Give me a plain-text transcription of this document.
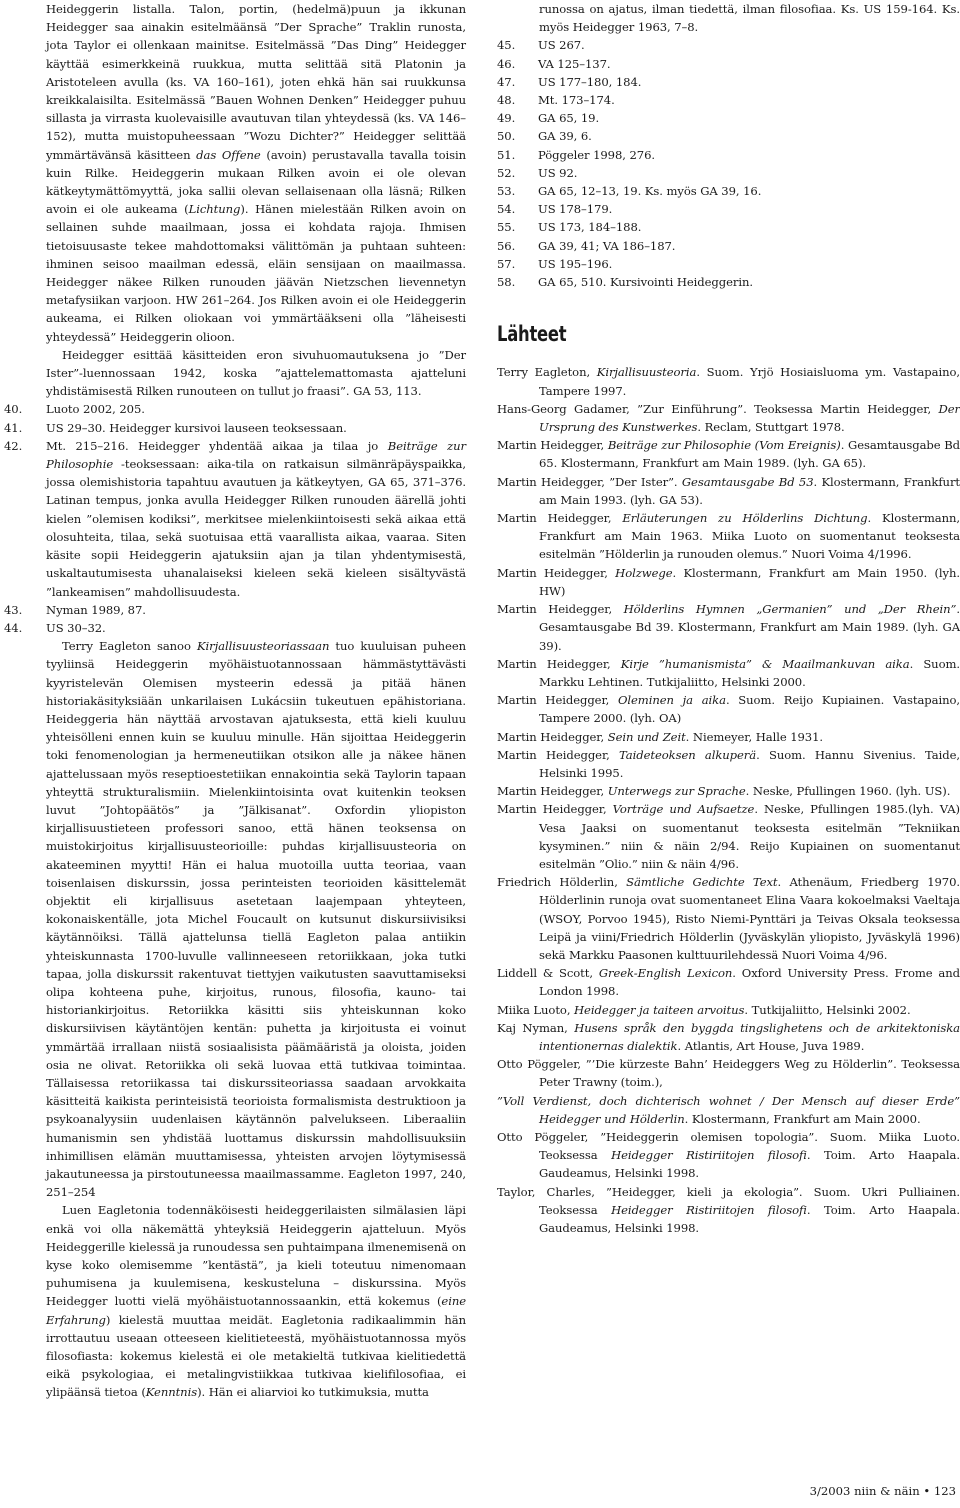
Heideggerin listalla. Talon, portin, (hedelmä)puun ja ikkunan Heidegger saa ainakin esitelmäänsä ”Der Sprache” Traklin runosta, jota Taylor ei ollenkaan mainitse. Esitelmässä ”Das Ding” Heidegger käyttää esimerkkeinä ruukkua, mutta selittää sitä Platonin ja Aristoteleen avulla (ks. VA 160–161), joten ehkä hän sai ruukkunsa kreikkalaisilta. Esitelmässä ”Bauen Wohnen Denken” Heidegger puhuu sillasta ja virrasta kuolevaisille avautuvan tilan yhteydessä (ks. VA 146–152), mutta muistopuheessaan ”Wozu Dichter?” Heidegger selittää ymmärtävänsä käsitteen das Offene (avoin) perustavalla tavalla toisin kuin Rilke. Heideggerin mukaan Rilken avoin ei ole olevan kätkeytymättömyyttä, joka sallii olevan sellaisenaan olla läsnä; Rilken avoin ei ole aukeama (Lichtung). Hänen mielestään Rilken avoin on sellainen suhde maailmaan, jossa ei kohdata rajoja. Ihmisen tietoisuusaste tekee mahdottomaksi välittömän ja puhtaan suhteen: ihminen seisoo maailman edessä, eläin sensijaan on maailmassa. Heidegger näkee Rilken runouden jäävän Nietzschen lievennetyn metafysiikan varjoon. HW 261–264. Jos Rilken avoin ei ole Heideggerin aukeama, ei Rilken oliokaan voi ymmärtääkseni olla ”läheisesti yhteydessä” Heideggerin olioon.

Heidegger esittää käsitteiden eron sivuhuomautuksena jo ”Der Ister”-luennossaan 1942, koska ”ajattelemattomasta ajatteluni yhdistämisestä Rilken runouteen on tullut jo fraasi”. GA 53, 113.

40.	Luoto 2002, 205.
41.	US 29–30. Heidegger kursivoi lauseen teoksessaan.
42.	Mt. 215–216. Heidegger yhdentää aikaa ja tilaa jo Beiträge zur Philosophie -teoksessaan: aika-tila on ratkaisun silmänräpäyspaikka, jossa olemishistoria tapahtuu avautuen ja kätkeytyen, GA 65, 371–376. Latinan tempus, jonka avulla Heidegger Rilken runouden äärellä johti kielen ”olemisen kodiksi”, merkitsee mielenkiintoisesti sekä aikaa että olosuhteita, tilaa, sekä suotuisaa että vaarallista aikaa, vaaraa. Siten käsite sopii Heideggerin ajatuksiin ajan ja tilan yhdentymisestä, uskaltautumisesta uhanalaiseksi kieleen sekä kieleen sisältyvästä ”lankeamisen” mahdollisuudesta.
43.	Nyman 1989, 87.
44.	US 30–32.

Terry Eagleton sanoo Kirjallisuusteoriassaan tuo kuuluisan puheen tyyliinsä Heideggerin myöhäistuotannossaan hämmästyttävästi kyyristelevän Olemisen mysteerin edessä ja pitää hänen historiakäsityksiään unkarilaisen Lukácsiin tukeutuen epähistoriana. Heideggeria hän näyttää arvostavan ajatuksesta, että kieli kuuluu yhteisölleni ennen kuin se kuuluu minulle. Hän sijoittaa Heideggerin toki fenomenologian ja hermeneutiikan otsikon alle ja näkee hänen ajattelussaan myös reseptioestetiikan ennakointia sekä Taylorin tapaan yhteyttä strukturalismiin. Mielenkiintoisinta ovat kuitenkin teoksen luvut ”Johtopäätös” ja ”Jälkisanat”. Oxfordin yliopiston kirjallisuustieteen professori sanoo, että hänen teoksensa on muistokirjoitus kirjallisuusteorioille: puhdas kirjallisuusteoria on akateeminen myytti! Hän ei halua muotoilla uutta teoriaa, vaan toisenlaisen diskurssin, jossa perinteisten teorioiden käsittelemät objektit eli kirjallisuus asetetaan laajempaan yhteyteen, kokonaiskentälle, jota Michel Foucault on kutsunut diskursiivisiksi käytännöiksi. Tällä ajattelunsa tiellä Eagleton palaa antiikin yhteiskunnasta 1700-luvulle vallinneeseen retoriikkaan, joka tutki tapaa, jolla diskurssit rakentuvat tiettyjen vaikutusten saavuttamiseksi olipa kohteena puhe, kirjoitus, runous, filosofia, kauno- tai historiankirjoitus. Retoriikka käsitti siis yhteiskunnan koko diskursiivisen käytäntöjen kentän: puhetta ja kirjoitusta ei voinut ymmärtää irrallaan niistä sosiaalisista päämääristä ja oloista, joiden osia ne olivat. Retoriikka oli sekä luovaa että tutkivaa toimintaa. Tällaisessa retoriikassa tai diskurssiteoriassa saadaan arvokkaita käsitteitä kaikista perinteisistä teorioista formalismista destruktioon ja psykoanalyysiin uudenlaisen käytännön palvelukseen. Liberaaliin humanismin sen yhdistää luottamus diskurssin mahdollisuuksiin inhimillisen elämän muuttamisessa, yhteisten arvojen löytymisessä jakautuneessa ja pirstoutuneessa maailmassamme. Eagleton 1997, 240, 251–254

Luen Eagletonia todennäköisesti heideggerilaisten silmälasien läpi enkä voi olla näkemättä yhteyksiä Heideggerin ajatteluun. Myös Heideggerille kielessä ja runoudessa sen puhtaimpana ilmenemisenä on kyse koko olemisemme ”kentästä”, ja kieli toteutuu nimenomaan puhumisena ja kuulemisena, keskusteluna – diskurssina. Myös Heidegger luotti vielä myöhäistuotannossaankin, että kokemus (eine Erfahrung) kielestä muuttaa meidät. Eagletonia radikaalimmin hän irrottautuu useaan otteeseen kielitieteestä, myöhäistuotannossa myös filosofiasta: kokemus kielestä ei ole metakieltä tutkivaa kielitiedettä eikä psykologiaa, ei metalingvistiikkaa tutkivaa kielifilosofiaa, ei ylipäänsä tietoa (Kenntnis). Hän ei aliarvioi ko tutkimuksia, mutta

runossa on ajatus, ilman tiedettä, ilman filosofiaa. Ks. US 159-164. Ks. myös Heidegger 1963, 7–8.

45.	US 267.
46.	VA 125–137.
47.	US 177–180, 184.
48.	Mt. 173–174.
49.	GA 65, 19.
50.	GA 39, 6.
51.	Pöggeler 1998, 276.
52.	US 92.
53.	GA 65, 12–13, 19. Ks. myös GA 39, 16.
54.	US 178–179.
55.	US 173, 184–188.
56.	GA 39, 41; VA 186–187.
57.	US 195–196.
58.	GA 65, 510. Kursivointi Heideggerin.
Lähteet

Terry Eagleton, Kirjallisuusteoria. Suom. Yrjö Hosiaisluoma ym. Vastapaino, Tampere 1997.

Hans-Georg Gadamer, ”Zur Einführung”. Teoksessa Martin Heidegger, Der Ursprung des Kunstwerkes. Reclam, Stuttgart 1978.

Martin Heidegger, Beiträge zur Philosophie (Vom Ereignis). Gesamtausgabe Bd 65. Klostermann, Frankfurt am Main 1989. (lyh. GA 65).

Martin Heidegger, ”Der Ister”. Gesamtausgabe Bd 53. Klostermann, Frankfurt am Main 1993. (lyh. GA 53).

Martin Heidegger, Erläuterungen zu Hölderlins Dichtung. Klostermann, Frankfurt am Main 1963. Miika Luoto on suomentanut teoksesta esitelmän ”Hölderlin ja runouden olemus.” Nuori Voima 4/1996.

Martin Heidegger, Holzwege. Klostermann, Frankfurt am Main 1950. (lyh. HW)

Martin Heidegger, Hölderlins Hymnen „Germanien” und „Der Rhein”. Gesamtausgabe Bd 39. Klostermann, Frankfurt am Main 1989. (lyh. GA 39).

Martin Heidegger, Kirje ”humanismista” & Maailmankuvan aika. Suom. Markku Lehtinen. Tutkijaliitto, Helsinki 2000.

Martin Heidegger, Oleminen ja aika. Suom. Reijo Kupiainen. Vastapaino, Tampere 2000. (lyh. OA)

Martin Heidegger, Sein und Zeit. Niemeyer, Halle 1931.

Martin Heidegger, Taideteoksen alkuperä. Suom. Hannu Sivenius. Taide, Helsinki 1995.

Martin Heidegger, Unterwegs zur Sprache. Neske, Pfullingen 1960. (lyh. US).

Martin Heidegger, Vorträge und Aufsaetze. Neske, Pfullingen 1985.(lyh. VA) Vesa Jaaksi on suomentanut teoksesta esitelmän ”Tekniikan kysyminen.” niin & näin 2/94. Reijo Kupiainen on suomentanut esitelmän ”Olio.” niin & näin 4/96.

Friedrich Hölderlin, Sämtliche Gedichte Text. Athenäum, Friedberg 1970. Hölderlinin runoja ovat suomentaneet Elina Vaara kokoelmaksi Vaeltaja (WSOY, Porvoo 1945), Risto Niemi-Pynttäri ja Teivas Oksala teoksessa Leipä ja viini/Friedrich Hölderlin (Jyväskylän yliopisto, Jyväskylä 1996) sekä Markku Paasonen kulttuurilehdessä Nuori Voima 4/96.

Liddell & Scott, Greek-English Lexicon. Oxford University Press. Frome and London 1998.

Miika Luoto, Heidegger ja taiteen arvoitus. Tutkijaliitto, Helsinki 2002.

Kaj Nyman, Husens språk den byggda tingslighetens och de arkitektoniska intentionernas dialektik. Atlantis, Art House, Juva 1989.

Otto Pöggeler, ”’Die kürzeste Bahn’ Heideggers Weg zu Hölderlin”. Teoksessa Peter Trawny (toim.),

”Voll Verdienst, doch dichterisch wohnet / Der Mensch auf dieser Erde” Heidegger und Hölderlin. Klostermann, Frankfurt am Main 2000.

Otto Pöggeler, ”Heideggerin olemisen topologia”. Suom. Miika Luoto. Teoksessa Heidegger Ristiriitojen filosofi. Toim. Arto Haapala. Gaudeamus, Helsinki 1998.

Taylor, Charles, ”Heidegger, kieli ja ekologia”. Suom. Ukri Pulliainen. Teoksessa Heidegger Ristiriitojen filosofi. Toim. Arto Haapala. Gaudeamus, Helsinki 1998.

3/2003 niin & näin • 123
